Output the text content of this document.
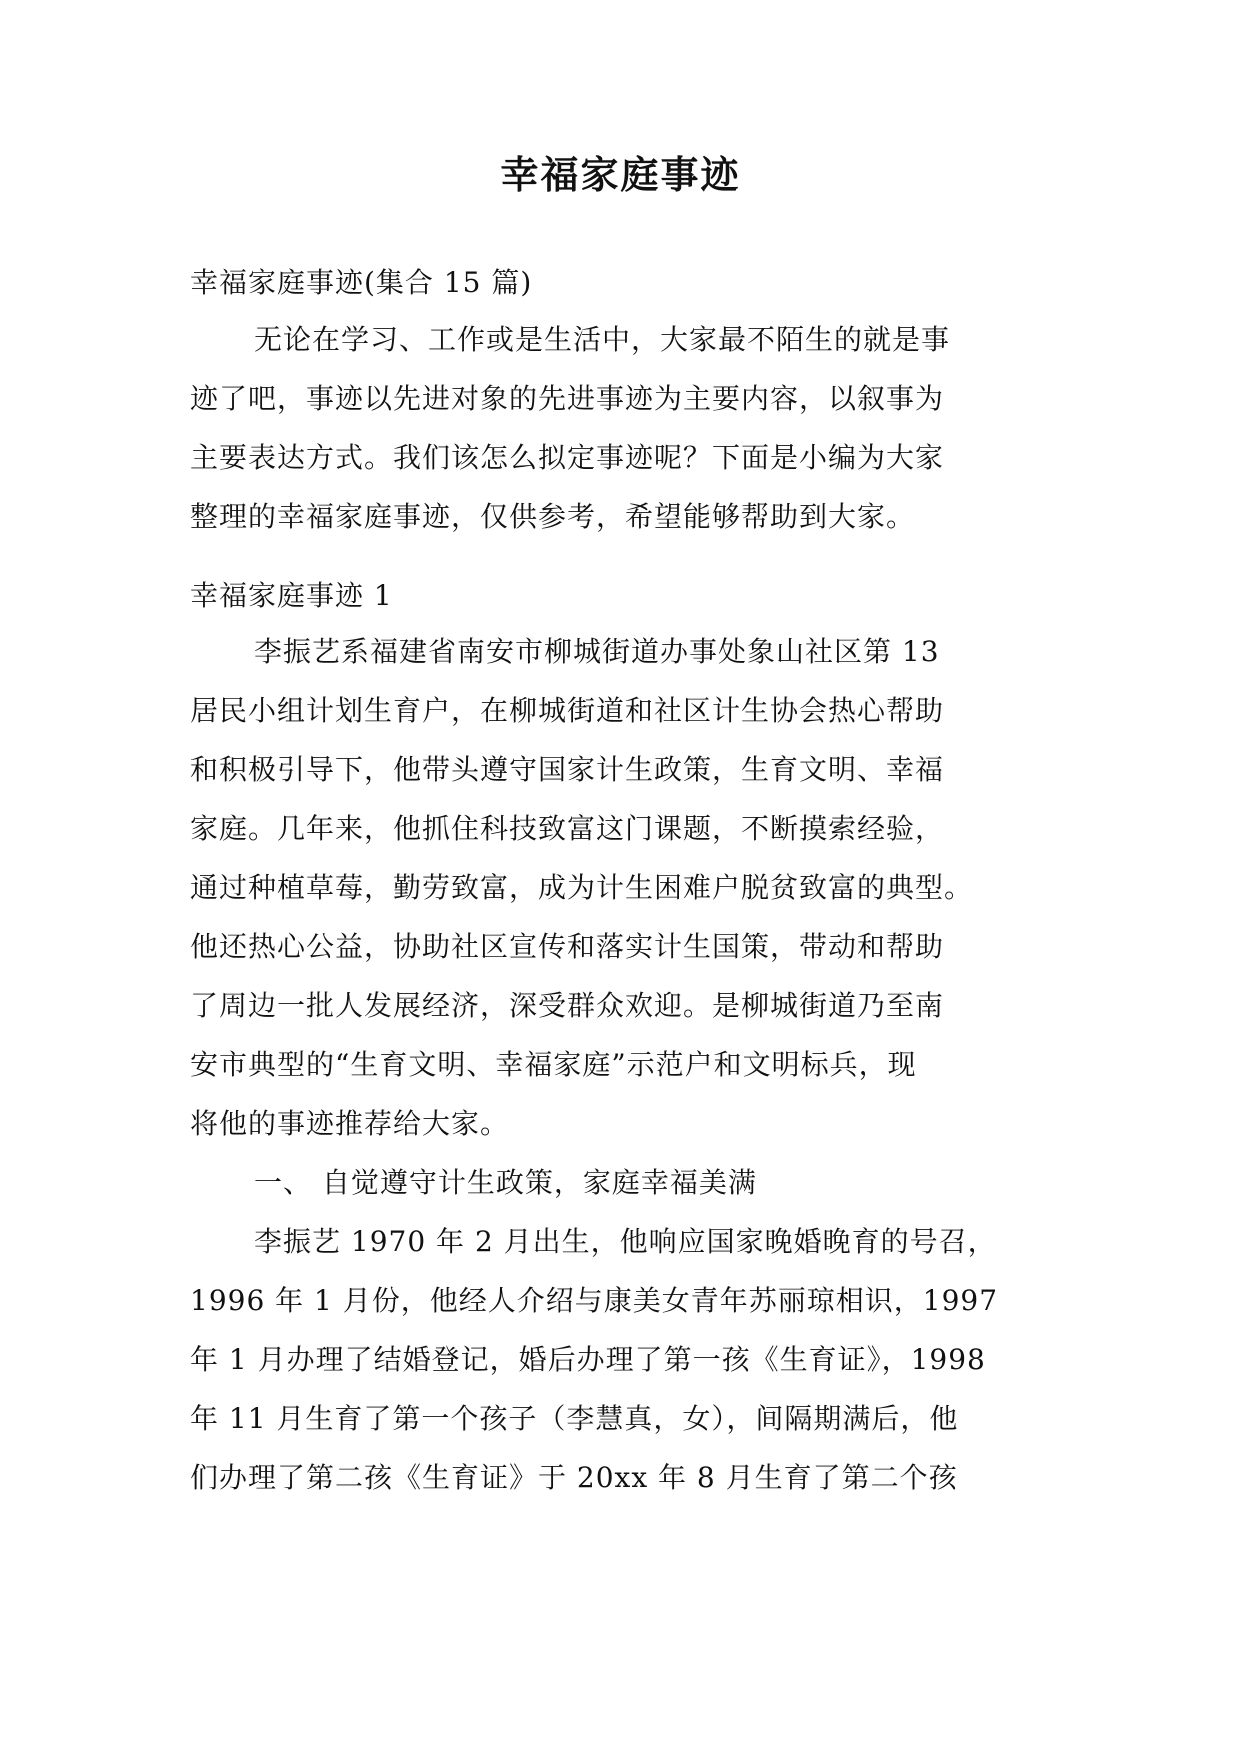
幸福家庭事迹

幸福家庭事迹(集合 15 篇)

无论在学习、工作或是生活中，大家最不陌生的就是事

迹了吧，事迹以先进对象的先进事迹为主要内容，以叙事为

主要表达方式。我们该怎么拟定事迹呢？下面是小编为大家

整理的幸福家庭事迹，仅供参考，希望能够帮助到大家。

幸福家庭事迹 1

李振艺系福建省南安市柳城街道办事处象山社区第 13

居民小组计划生育户，在柳城街道和社区计生协会热心帮助

和积极引导下，他带头遵守国家计生政策，生育文明、幸福

家庭。几年来，他抓住科技致富这门课题，不断摸索经验，

通过种植草莓，勤劳致富，成为计生困难户脱贫致富的典型。

他还热心公益，协助社区宣传和落实计生国策，带动和帮助

了周边一批人发展经济，深受群众欢迎。是柳城街道乃至南

安市典型的“生育文明、幸福家庭”示范户和文明标兵，现

将他的事迹推荐给大家。

一、 自觉遵守计生政策，家庭幸福美满

李振艺 1970 年 2 月出生，他响应国家晚婚晚育的号召，

1996 年 1 月份，他经人介绍与康美女青年苏丽琼相识，1997

年 1 月办理了结婚登记，婚后办理了第一孩《生育证》，1998

年 11 月生育了第一个孩子（李慧真，女），间隔期满后，他

们办理了第二孩《生育证》于 20xx 年 8 月生育了第二个孩
